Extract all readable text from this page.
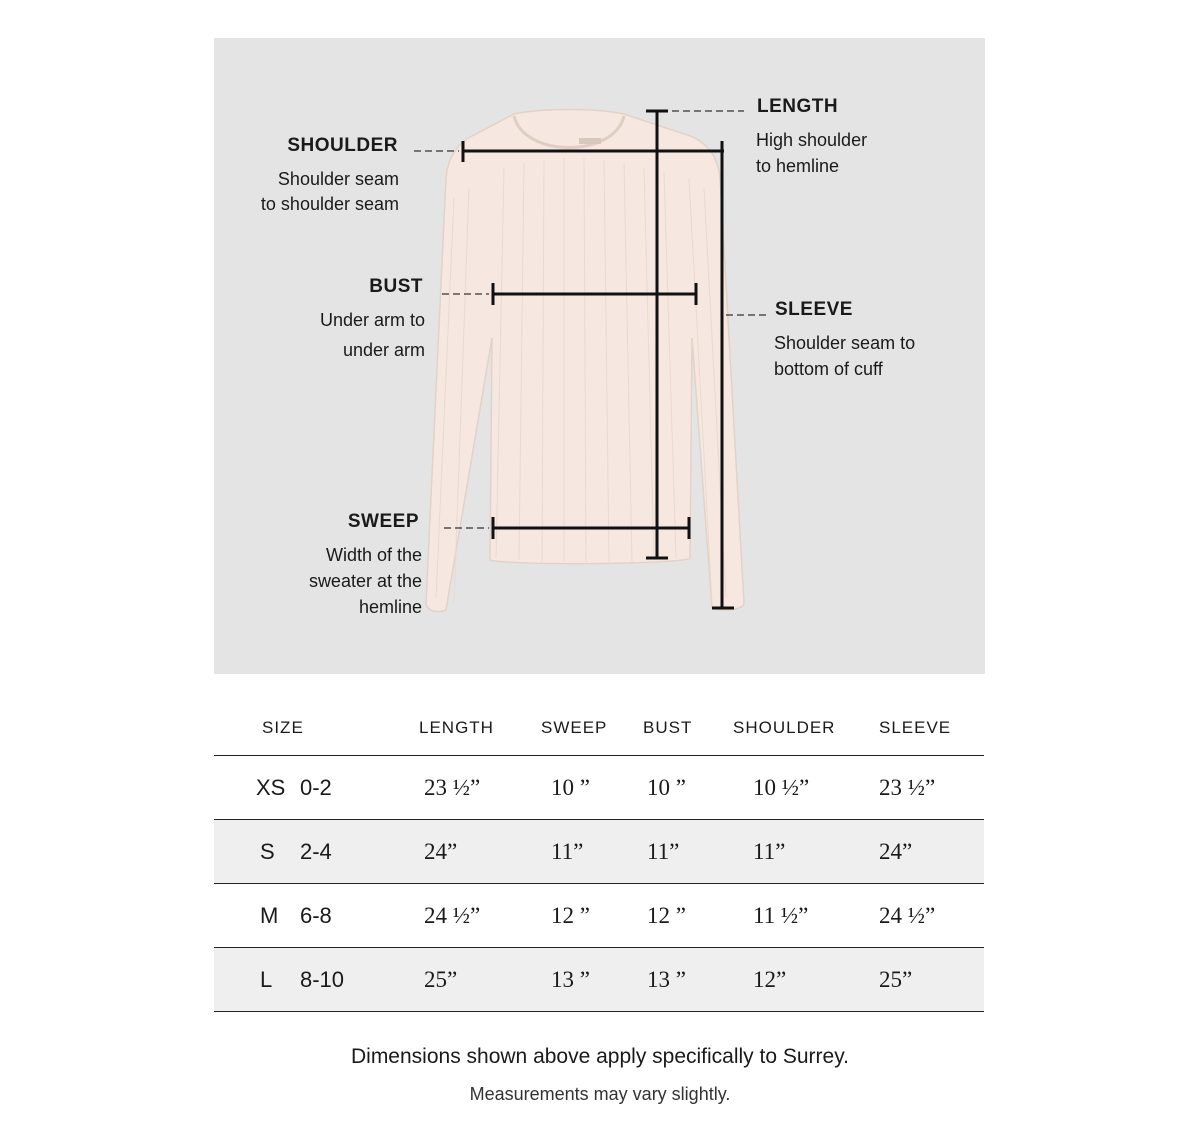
LENGTH
High shoulder
to hemline
SHOULDER
Shoulder seam
to shoulder seam
BUST
Under arm to
under arm
SLEEVE
Shoulder seam to
bottom of cuff
SWEEP
Width of the
sweater at the
hemline
SIZE	LENGTH	SWEEP	BUST	SHOULDER	SLEEVE
XS 0-2	23 ½”	10 ”	10 ”	10 ½”	23 ½”
S 2-4	24”	11”	11”	11”	24”
M 6-8	24 ½”	12 ”	12 ”	11 ½”	24 ½”
L 8-10	25”	13 ”	13 ”	12”	25”
Dimensions shown above apply specifically to Surrey.
Measurements may vary slightly.
